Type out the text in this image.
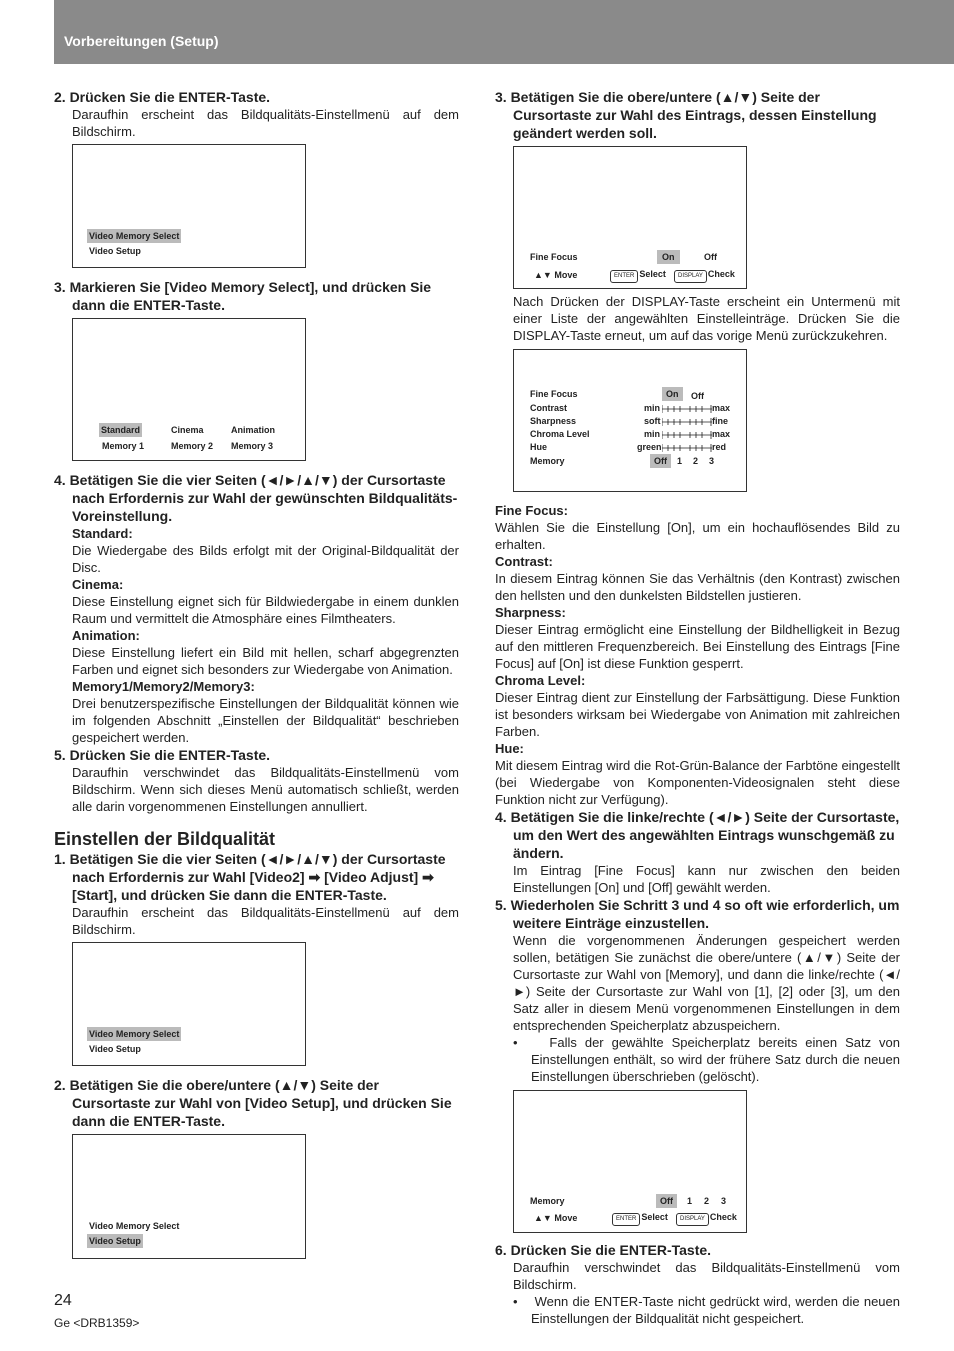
Vorbereitungen (Setup)
2. Drücken Sie die ENTER-Taste.
Daraufhin erscheint das Bildqualitäts-Einstellmenü auf dem Bildschirm.
Video Memory Select
Video Setup
3. Markieren Sie [Video Memory Select], und drücken Sie dann die ENTER-Taste.
Standard	Cinema	Animation
Memory 1	Memory 2 Memory 3
4. Betätigen Sie die vier Seiten (◄/►/▲/▼) der Cursortaste nach Erfordernis zur Wahl der gewünschten Bildqualitäts-Voreinstellung.
Standard:
Die Wiedergabe des Bilds erfolgt mit der Original-Bildqualität der Disc.
Cinema:
Diese Einstellung eignet sich für Bildwiedergabe in einem dunklen Raum und vermittelt die Atmosphäre eines Filmtheaters.
Animation:
Diese Einstellung liefert ein Bild mit hellen, scharf abgegrenzten Farben und eignet sich besonders zur Wiedergabe von Animation.
Memory1/Memory2/Memory3:
Drei benutzerspezifische Einstellungen der Bildqualität können wie im folgenden Abschnitt „Einstellen der Bildqualität“ beschrieben gespeichert werden.
5. Drücken Sie die ENTER-Taste.
Daraufhin verschwindet das Bildqualitäts-Einstellmenü vom Bildschirm. Wenn sich dieses Menü automatisch schließt, werden alle darin vorgenommenen Einstellungen annulliert.
Einstellen der Bildqualität
1. Betätigen Sie die vier Seiten (◄/►/▲/▼) der Cursortaste nach Erfordernis zur Wahl [Video2] ➡ [Video Adjust] ➡ [Start], und drücken Sie dann die ENTER-Taste.
Daraufhin erscheint das Bildqualitäts-Einstellmenü auf dem Bildschirm.
Video Memory Select
Video Setup
2. Betätigen Sie die obere/untere (▲/▼) Seite der Cursortaste zur Wahl von [Video Setup], und drücken Sie dann die ENTER-Taste.
Video Memory Select
Video Setup
3. Betätigen Sie die obere/untere (▲/▼) Seite der Cursortaste zur Wahl des Eintrags, dessen Einstellung geändert werden soll.
Fine Focus	On	Off
▲▼ Move	ENTER Select	DISPLAY Check
Nach Drücken der DISPLAY-Taste erscheint ein Untermenü mit einer Liste der angewählten Einstelleinträge. Drücken Sie die DISPLAY-Taste erneut, um auf das vorige Menü zurückzukehren.
Fine Focus	On	Off
Contrast	min	max
Sharpness	soft	fine
Chroma Level	min	max
Hue	green	red
Memory	Off	1 2 3
Fine Focus:
Wählen Sie die Einstellung [On], um ein hochauflösendes Bild zu erhalten.
Contrast:
In diesem Eintrag können Sie das Verhältnis (den Kontrast) zwischen den hellsten und den dunkelsten Bildstellen justieren.
Sharpness:
Dieser Eintrag ermöglicht eine Einstellung der Bildhelligkeit in Bezug auf den mittleren Frequenzbereich. Bei Einstellung des Eintrags [Fine Focus] auf [On] ist diese Funktion gesperrt.
Chroma Level:
Dieser Eintrag dient zur Einstellung der Farbsättigung. Diese Funktion ist besonders wirksam bei Wiedergabe von Animation mit zahlreichen Farben.
Hue:
Mit diesem Eintrag wird die Rot-Grün-Balance der Farbtöne eingestellt (bei Wiedergabe von Komponenten-Videosignalen steht diese Funktion nicht zur Verfügung).
4. Betätigen Sie die linke/rechte (◄/►) Seite der Cursortaste, um den Wert des angewählten Eintrags wunschgemäß zu ändern.
Im Eintrag [Fine Focus] kann nur zwischen den beiden Einstellungen [On] und [Off] gewählt werden.
5. Wiederholen Sie Schritt 3 und 4 so oft wie erforderlich, um weitere Einträge einzustellen.
Wenn die vorgenommenen Änderungen gespeichert werden sollen, betätigen Sie zunächst die obere/untere (▲/▼) Seite der Cursortaste zur Wahl von [Memory], und dann die linke/rechte (◄/►) Seite der Cursortaste zur Wahl von [1], [2] oder [3], um den Satz aller in diesem Menü vorgenommenen Einstellungen in dem entsprechenden Speicherplatz abzuspeichern.
•    Falls der gewählte Speicherplatz bereits einen Satz von Einstellungen enthält, so wird der frühere Satz durch die neuen Einstellungen überschrieben (gelöscht).
Memory	Off	1 2 3
▲▼ Move	ENTER Select	DISPLAY Check
6. Drücken Sie die ENTER-Taste.
Daraufhin verschwindet das Bildqualitäts-Einstellmenü vom Bildschirm.
•    Wenn die ENTER-Taste nicht gedrückt wird, werden die neuen Einstellungen der Bildqualität nicht gespeichert.
24
Ge <DRB1359>
